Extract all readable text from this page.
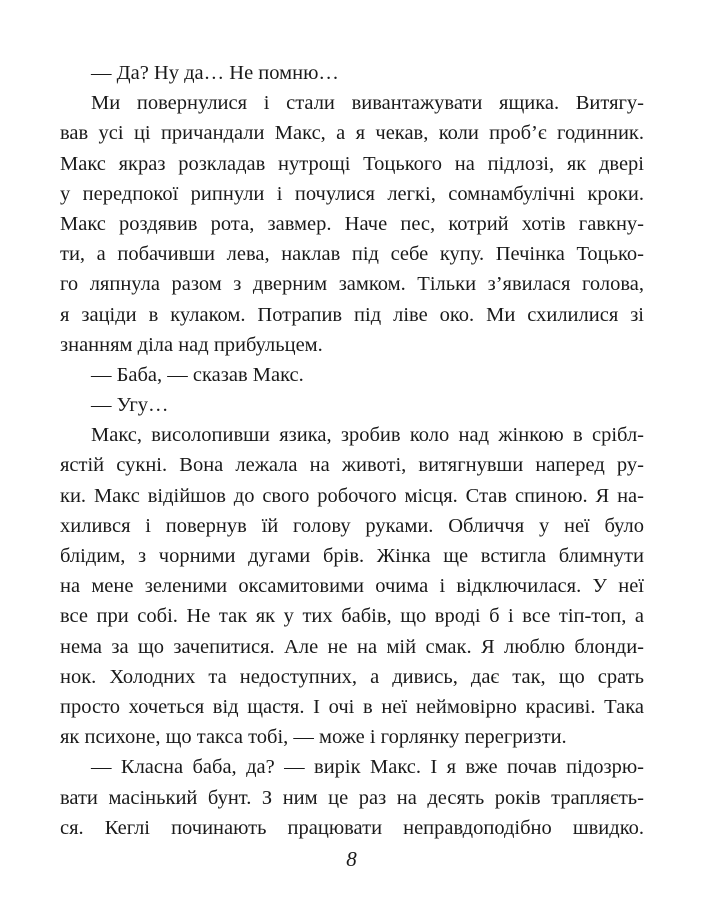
— Да? Ну да… Не помню…
Ми повернулися і стали вивантажувати ящика. Витягу-
вав усі ці причандали Макс, а я чекав, коли проб’є годинник.
Макс якраз розкладав нутрощі Тоцького на підлозі, як двері
у передпокої рипнули і почулися легкі, сомнамбулічні кроки.
Макс роздявив рота, завмер. Наче пес, котрий хотів гавкну-
ти, а побачивши лева, наклав під себе купу. Печінка Тоцько-
го ляпнула разом з дверним замком. Тільки з’явилася голова,
я заціди в кулаком. Потрапив під ліве око. Ми схилилися зі
знанням діла над прибульцем.
— Баба, — сказав Макс.
— Угу…
Макс, висолопивши язика, зробив коло над жінкою в срібл-
ястій сукні. Вона лежала на животі, витягнувши наперед ру-
ки. Макс відійшов до свого робочого місця. Став спиною. Я на-
хилився і повернув їй голову руками. Обличчя у неї було
блідим, з чорними дугами брів. Жінка ще встигла блимнути
на мене зеленими оксамитовими очима і відключилася. У неї
все при собі. Не так як у тих бабів, що вроді б і все тіп-топ, а
нема за що зачепитися. Але не на мій смак. Я люблю блонди-
нок. Холодних та недоступних, а дивись, дає так, що срать
просто хочеться від щастя. І очі в неї неймовірно красиві. Така
як психоне, що такса тобі, — може і горлянку перегризти.
— Класна баба, да? — вирік Макс. І я вже почав підозрю-
вати масінький бунт. З ним це раз на десять років трапляєть-
ся. Кеглі починають працювати неправдоподібно швидко.
8
